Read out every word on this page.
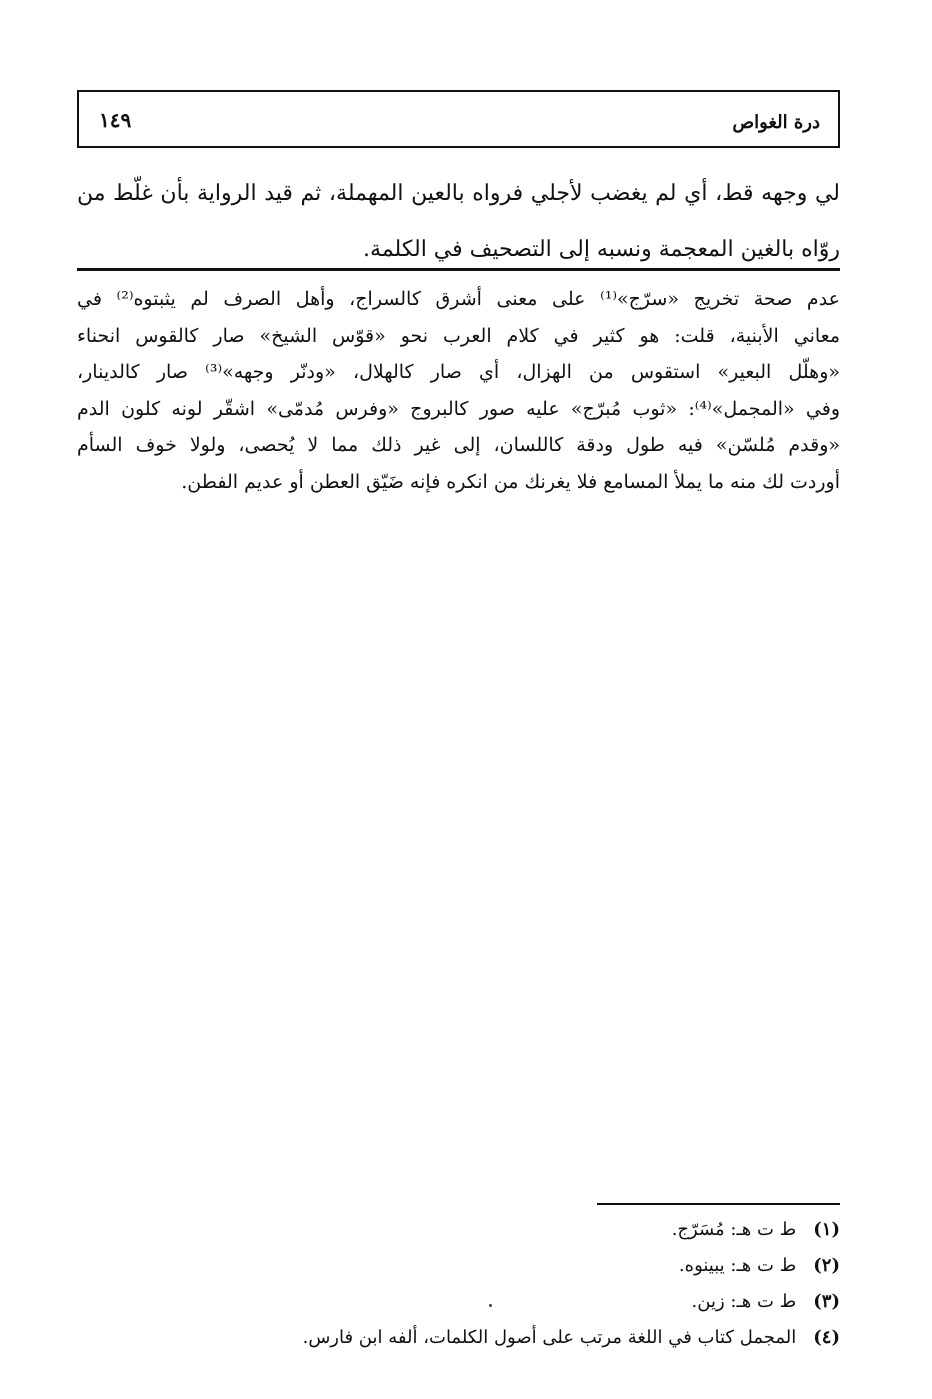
درة الغواص
١٤٩
لي وجهه قط، أي لم يغضب لأجلي فرواه بالعين المهملة، ثم قيد الرواية بأن غلّط من
روّاه بالغين المعجمة ونسبه إلى التصحيف في الكلمة.
عدم صحة تخريج «سرّج»⁽¹⁾ على معنى أشرق كالسراج، وأهل الصرف لم يثبتوه⁽²⁾ في
معاني الأبنية، قلت: هو كثير في كلام العرب نحو «قوّس الشيخ» صار كالقوس انحناء
«وهلّل البعير» استقوس من الهزال، أي صار كالهلال، «ودنّر وجهه»⁽³⁾ صار كالدينار،
وفي «المجمل»⁽⁴⁾: «ثوب مُبرّج» عليه صور كالبروج «وفرس مُدمّى» اشقّر لونه كلون الدم
«وقدم مُلسّن» فيه طول ودقة كاللسان، إلى غير ذلك مما لا يُحصى، ولولا خوف السأم
أوردت لك منه ما يملأ المسامع فلا يغرنك من انكره فإنه ضَيّق العطن أو عديم الفطن.
(١) ط ت هـ: مُسَرّج.
(٢) ط ت هـ: يبينوه.
(٣) ط ت هـ: زين.
(٤) المجمل كتاب في اللغة مرتب على أصول الكلمات، ألفه ابن فارس.
